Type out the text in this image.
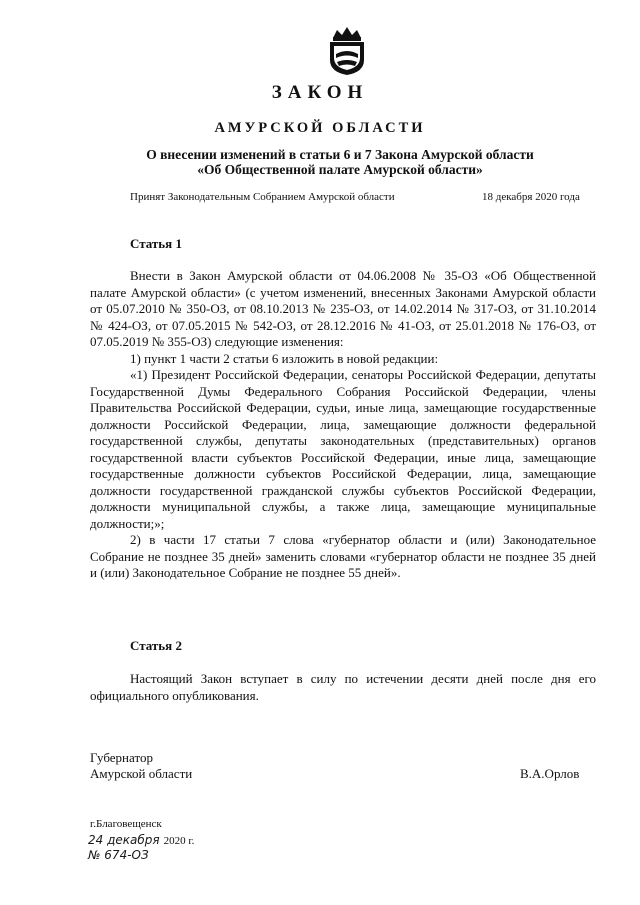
ЗАКОН
АМУРСКОЙ ОБЛАСТИ
О внесении изменений в статьи 6 и 7 Закона Амурской области
«Об Общественной палате Амурской области»
Принят Законодательным Собранием Амурской области	18 декабря 2020 года
Статья 1

Внести в Закон Амурской области от 04.06.2008 № 35-ОЗ «Об Общественной палате Амурской области» (с учетом изменений, внесенных Законами Амурской области от 05.07.2010 № 350-ОЗ, от 08.10.2013 № 235-ОЗ, от 14.02.2014 № 317-ОЗ, от 31.10.2014 № 424-ОЗ, от 07.05.2015 № 542-ОЗ, от 28.12.2016 № 41-ОЗ, от 25.01.2018 № 176-ОЗ, от 07.05.2019 № 355-ОЗ) следующие изменения:

1) пункт 1 части 2 статьи 6 изложить в новой редакции:

«1) Президент Российской Федерации, сенаторы Российской Федерации, депутаты Государственной Думы Федерального Собрания Российской Федерации, члены Правительства Российской Федерации, судьи, иные лица, замещающие государственные должности Российской Федерации, лица, замещающие должности федеральной государственной службы, депутаты законодательных (представительных) органов государственной власти субъектов Российской Федерации, иные лица, замещающие государственные должности субъектов Российской Федерации, лица, замещающие должности государственной гражданской службы субъектов Российской Федерации, должности муниципальной службы, а также лица, замещающие муниципальные должности;»;

2) в части 17 статьи 7 слова «губернатор области и (или) Законодательное Собрание не позднее 35 дней» заменить словами «губернатор области не позднее 35 дней и (или) Законодательное Собрание не позднее 55 дней».

Статья 2

Настоящий Закон вступает в силу по истечении десяти дней после дня его официального опубликования.

Губернатор
Амурской области	В.А.Орлов
г.Благовещенск
24 декабря 2020 г.
№ 674-ОЗ
